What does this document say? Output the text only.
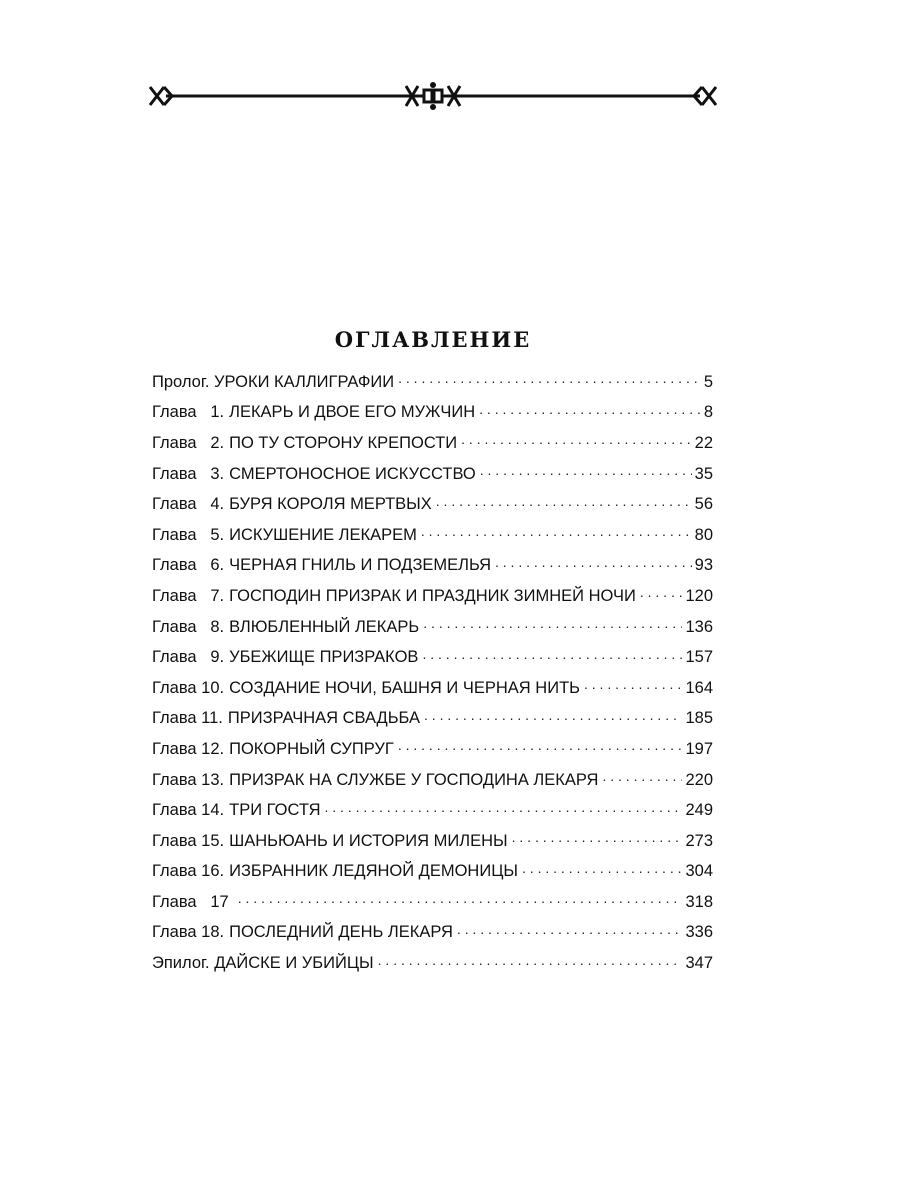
ОГЛАВЛЕНИЕ
Пролог. УРОКИ КАЛЛИГРАФИИ . . .	5
Глава 1. ЛЕКАРЬ И ДВОЕ ЕГО МУЖЧИН . . .	8
Глава 2. ПО ТУ СТОРОНУ КРЕПОСТИ . . .	22
Глава 3. СМЕРТОНОСНОЕ ИСКУССТВО . . .	35
Глава 4. БУРЯ КОРОЛЯ МЕРТВЫХ . . .	56
Глава 5. ИСКУШЕНИЕ ЛЕКАРЕМ . . .	80
Глава 6. ЧЕРНАЯ ГНИЛЬ И ПОДЗЕМЕЛЬЯ . . .	93
Глава 7. ГОСПОДИН ПРИЗРАК И ПРАЗДНИК ЗИМНЕЙ НОЧИ . . .	120
Глава 8. ВЛЮБЛЕННЫЙ ЛЕКАРЬ . . .	136
Глава 9. УБЕЖИЩЕ ПРИЗРАКОВ . . .	157
Глава 10. СОЗДАНИЕ НОЧИ, БАШНЯ И ЧЕРНАЯ НИТЬ . . .	164
Глава 11. ПРИЗРАЧНАЯ СВАДЬБА . . .	185
Глава 12. ПОКОРНЫЙ СУПРУГ . . .	197
Глава 13. ПРИЗРАК НА СЛУЖБЕ У ГОСПОДИНА ЛЕКАРЯ . . .	220
Глава 14. ТРИ ГОСТЯ . . .	249
Глава 15. ШАНЬЮАНЬ И ИСТОРИЯ МИЛЕНЫ . . .	273
Глава 16. ИЗБРАННИК ЛЕДЯНОЙ ДЕМОНИЦЫ . . .	304
Глава 17 . . .	318
Глава 18. ПОСЛЕДНИЙ ДЕНЬ ЛЕКАРЯ . . .	336
Эпилог. ДАЙСКЕ И УБИЙЦЫ . . .	347
